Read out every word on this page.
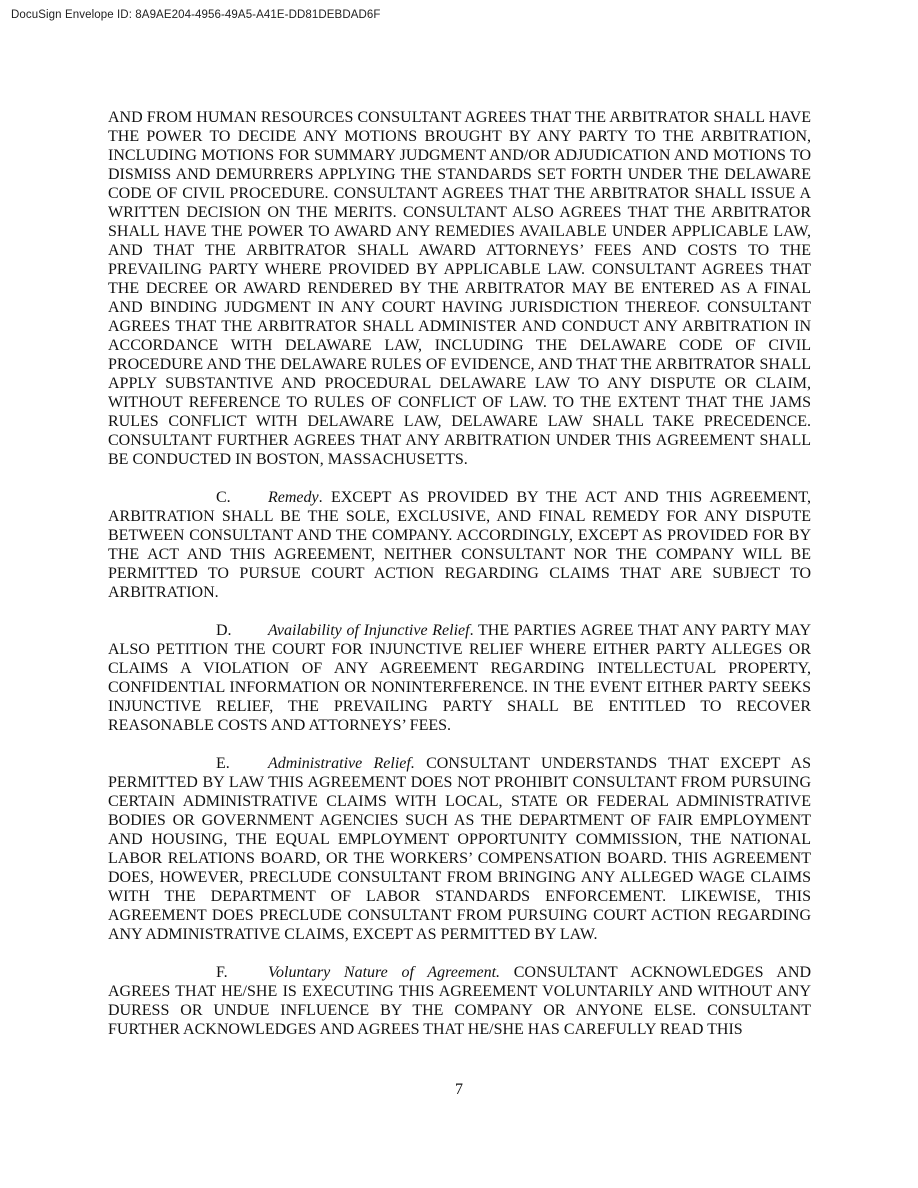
DocuSign Envelope ID: 8A9AE204-4956-49A5-A41E-DD81DEBDAD6F

AND FROM HUMAN RESOURCES CONSULTANT AGREES THAT THE ARBITRATOR SHALL HAVE THE POWER TO DECIDE ANY MOTIONS BROUGHT BY ANY PARTY TO THE ARBITRATION, INCLUDING MOTIONS FOR SUMMARY JUDGMENT AND/OR ADJUDICATION AND MOTIONS TO DISMISS AND DEMURRERS APPLYING THE STANDARDS SET FORTH UNDER THE DELAWARE CODE OF CIVIL PROCEDURE. CONSULTANT AGREES THAT THE ARBITRATOR SHALL ISSUE A WRITTEN DECISION ON THE MERITS. CONSULTANT ALSO AGREES THAT THE ARBITRATOR SHALL HAVE THE POWER TO AWARD ANY REMEDIES AVAILABLE UNDER APPLICABLE LAW, AND THAT THE ARBITRATOR SHALL AWARD ATTORNEYS’ FEES AND COSTS TO THE PREVAILING PARTY WHERE PROVIDED BY APPLICABLE LAW. CONSULTANT AGREES THAT THE DECREE OR AWARD RENDERED BY THE ARBITRATOR MAY BE ENTERED AS A FINAL AND BINDING JUDGMENT IN ANY COURT HAVING JURISDICTION THEREOF. CONSULTANT AGREES THAT THE ARBITRATOR SHALL ADMINISTER AND CONDUCT ANY ARBITRATION IN ACCORDANCE WITH DELAWARE LAW, INCLUDING THE DELAWARE CODE OF CIVIL PROCEDURE AND THE DELAWARE RULES OF EVIDENCE, AND THAT THE ARBITRATOR SHALL APPLY SUBSTANTIVE AND PROCEDURAL DELAWARE LAW TO ANY DISPUTE OR CLAIM, WITHOUT REFERENCE TO RULES OF CONFLICT OF LAW. TO THE EXTENT THAT THE JAMS RULES CONFLICT WITH DELAWARE LAW, DELAWARE LAW SHALL TAKE PRECEDENCE. CONSULTANT FURTHER AGREES THAT ANY ARBITRATION UNDER THIS AGREEMENT SHALL BE CONDUCTED IN BOSTON, MASSACHUSETTS.

C. Remedy. EXCEPT AS PROVIDED BY THE ACT AND THIS AGREEMENT, ARBITRATION SHALL BE THE SOLE, EXCLUSIVE, AND FINAL REMEDY FOR ANY DISPUTE BETWEEN CONSULTANT AND THE COMPANY. ACCORDINGLY, EXCEPT AS PROVIDED FOR BY THE ACT AND THIS AGREEMENT, NEITHER CONSULTANT NOR THE COMPANY WILL BE PERMITTED TO PURSUE COURT ACTION REGARDING CLAIMS THAT ARE SUBJECT TO ARBITRATION.

D. Availability of Injunctive Relief. THE PARTIES AGREE THAT ANY PARTY MAY ALSO PETITION THE COURT FOR INJUNCTIVE RELIEF WHERE EITHER PARTY ALLEGES OR CLAIMS A VIOLATION OF ANY AGREEMENT REGARDING INTELLECTUAL PROPERTY, CONFIDENTIAL INFORMATION OR NONINTERFERENCE. IN THE EVENT EITHER PARTY SEEKS INJUNCTIVE RELIEF, THE PREVAILING PARTY SHALL BE ENTITLED TO RECOVER REASONABLE COSTS AND ATTORNEYS’ FEES.

E. Administrative Relief. CONSULTANT UNDERSTANDS THAT EXCEPT AS PERMITTED BY LAW THIS AGREEMENT DOES NOT PROHIBIT CONSULTANT FROM PURSUING CERTAIN ADMINISTRATIVE CLAIMS WITH LOCAL, STATE OR FEDERAL ADMINISTRATIVE BODIES OR GOVERNMENT AGENCIES SUCH AS THE DEPARTMENT OF FAIR EMPLOYMENT AND HOUSING, THE EQUAL EMPLOYMENT OPPORTUNITY COMMISSION, THE NATIONAL LABOR RELATIONS BOARD, OR THE WORKERS’ COMPENSATION BOARD. THIS AGREEMENT DOES, HOWEVER, PRECLUDE CONSULTANT FROM BRINGING ANY ALLEGED WAGE CLAIMS WITH THE DEPARTMENT OF LABOR STANDARDS ENFORCEMENT. LIKEWISE, THIS AGREEMENT DOES PRECLUDE CONSULTANT FROM PURSUING COURT ACTION REGARDING ANY ADMINISTRATIVE CLAIMS, EXCEPT AS PERMITTED BY LAW.

F.	Voluntary Nature of Agreement. CONSULTANT ACKNOWLEDGES AND AGREES THAT HE/SHE IS EXECUTING THIS AGREEMENT VOLUNTARILY AND WITHOUT ANY DURESS OR UNDUE INFLUENCE BY THE COMPANY OR ANYONE ELSE. CONSULTANT FURTHER ACKNOWLEDGES AND AGREES THAT HE/SHE HAS CAREFULLY READ THIS

7
